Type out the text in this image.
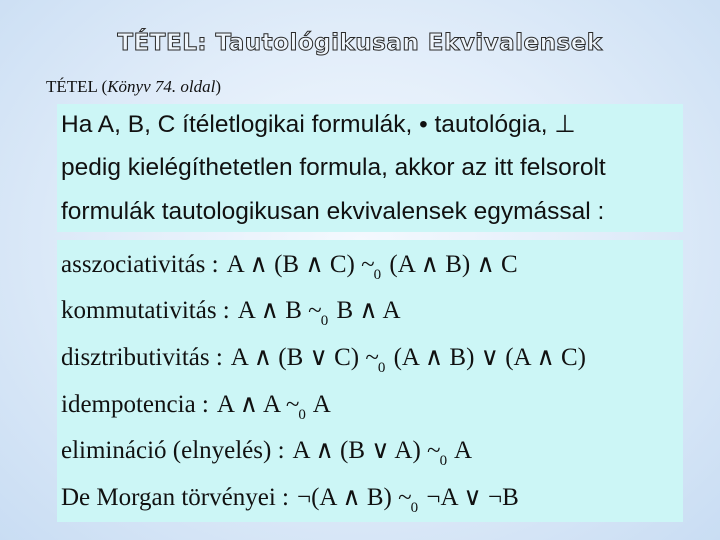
TÉTEL: Tautológikusan Ekvivalensek
TÉTEL (Könyv 74. oldal)
Ha A, B, C ítéletlogikai formulák, • tautológia, ⊥
pedig kielégíthetetlen formula, akkor az itt felsorolt
formulák tautologikusan ekvivalensek egymással :
asszociativitás : A ∧ (B ∧ C) $\sim_0$ (A ∧ B) ∧ C
kommutativitás : A ∧ B $\sim_0$ B ∧ A
disztributivitás : A ∧ (B ∨ C) $\sim_0$ (A ∧ B) ∨ (A ∧ C)
idempotencia : A ∧ A $\sim_0$ A
elimináció (elnyelés) : A ∧ (B ∨ A) $\sim_0$ A
De Morgan törvényei : ¬(A ∧ B) $\sim_0$ ¬A ∨ ¬B
